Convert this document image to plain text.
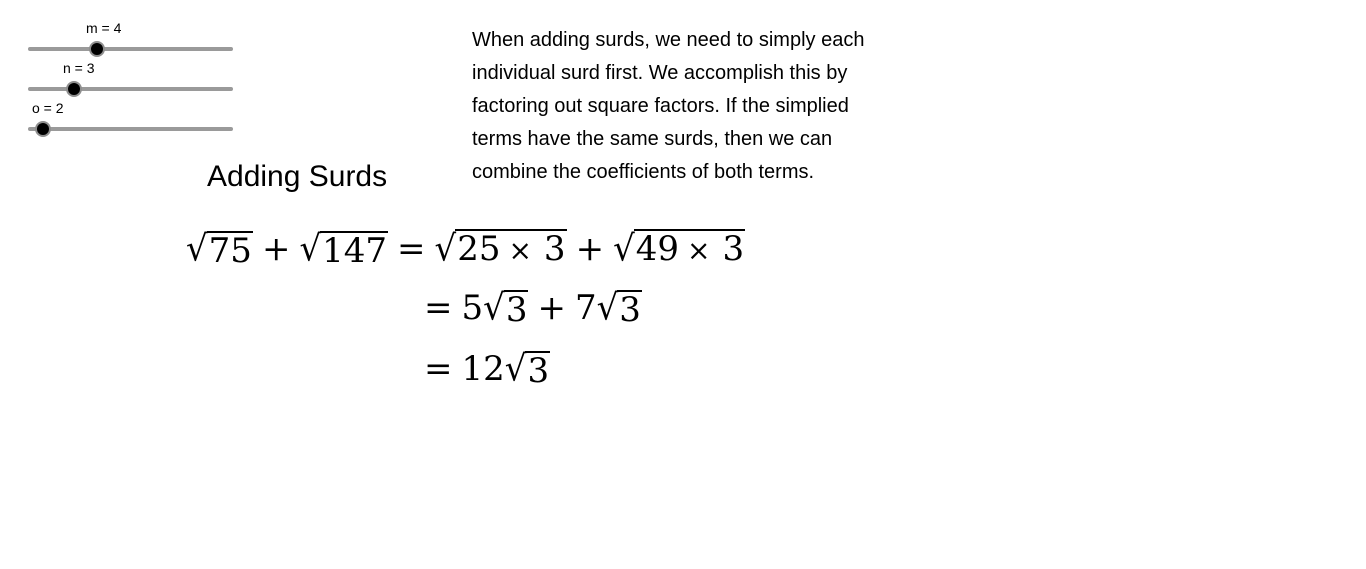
m = 4
n = 3
o = 2
Adding Surds
When adding surds, we need to simply each
individual surd first. We accomplish this by
factoring out square factors. If the simplied
terms have the same surds, then we can
combine the coefficients of both terms.
√ 75 + √ 147 = √ 25 × 3 + √ 49 × 3
= 5 √ 3 + 7 √ 3
= 12 √ 3
